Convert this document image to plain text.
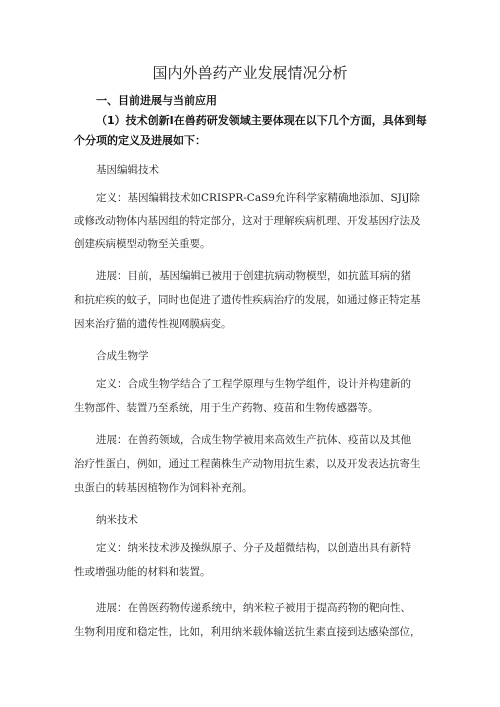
国内外兽药产业发展情况分析
一、目前进展与当前应用
（1）技术创新I在兽药研发领域主要体现在以下几个方面，具体到每
个分项的定义及进展如下：
基因编辑技术
定义：基因编辑技术如CRISPR-CaS9允许科学家精确地添加、SJiJ除
或修改动物体内基因组的特定部分，这对于理解疾病机理、开发基因疗法及
创建疾病模型动物至关重要。
进展：目前，基因编辑已被用于创建抗病动物模型，如抗蓝耳病的猪
和抗疟疾的蚊子，同时也促进了遗传性疾病治疗的发展，如通过修正特定基
因来治疗猫的遗传性视网膜病变。
合成生物学
定义：合成生物学结合了工程学原理与生物学组件，设计并构建新的
生物部件、装置乃至系统，用于生产药物、疫苗和生物传感器等。
进展：在兽药领域，合成生物学被用来高效生产抗体、疫苗以及其他
治疗性蛋白，例如，通过工程菌株生产动物用抗生素，以及开发表达抗寄生
虫蛋白的转基因植物作为饲料补充剂。
纳米技术
定义：纳米技术涉及操纵原子、分子及超微结构，以创造出具有新特
性或增强功能的材料和装置。
进展：在兽医药物传递系统中，纳米粒子被用于提高药物的靶向性、
生物利用度和稳定性，比如，利用纳米载体输送抗生素直接到达感染部位，
